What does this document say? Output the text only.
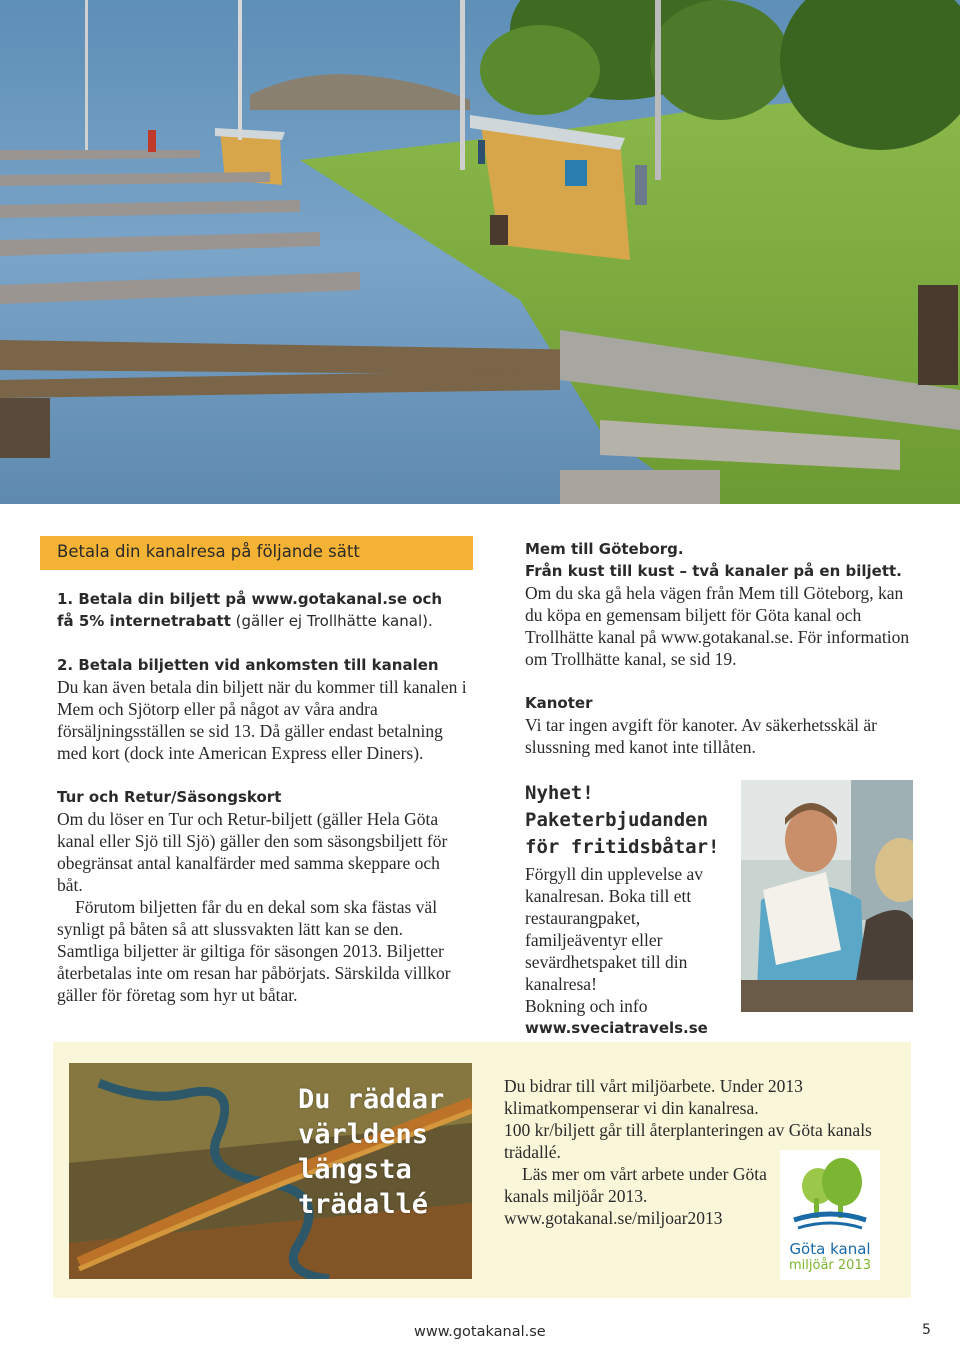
Betala din kanalresa på följande sätt
1. Betala din biljett på www.gotakanal.se och
få 5% internetrabatt (gäller ej Trollhätte kanal).
2. Betala biljetten vid ankomsten till kanalen
Du kan även betala din biljett när du kommer till kanalen i Mem och Sjötorp eller på något av våra andra försäljningsställen se sid 13. Då gäller endast betalning med kort (dock inte American Express eller Diners).
Tur och Retur/Säsongskort
Om du löser en Tur och Retur-biljett (gäller Hela Göta kanal eller Sjö till Sjö) gäller den som säsongsbiljett för obegränsat antal kanalfärder med samma skeppare och båt.
Förutom biljetten får du en dekal som ska fästas väl synligt på båten så att slussvakten lätt kan se den. Samtliga biljetter är giltiga för säsongen 2013. Biljetter återbetalas inte om resan har påbörjats. Särskilda villkor gäller för företag som hyr ut båtar.
Mem till Göteborg.
Från kust till kust – två kanaler på en biljett.
Om du ska gå hela vägen från Mem till Göteborg, kan du köpa en gemensam biljett för Göta kanal och Trollhätte kanal på www.gotakanal.se. För information om Trollhätte kanal, se sid 19.
Kanoter
Vi tar ingen avgift för kanoter. Av säkerhetsskäl är slussning med kanot inte tillåten.
Nyhet!
Paketerbjudanden
för fritidsbåtar!
Förgyll din upplevelse av kanalresan. Boka till ett restaurangpaket, familjeäventyr eller sevärdhetspaket till din kanalresa!
Bokning och info
www.sveciatravels.se
Du räddar världens längsta trädallé
Du bidrar till vårt miljöarbete. Under 2013 klimatkompenserar vi din kanalresa.
100 kr/biljett går till återplanteringen av Göta kanals trädallé.
Läs mer om vårt arbete under Göta kanals miljöår 2013.
www.gotakanal.se/miljoar2013
Göta kanal
miljöår 2013
www.gotakanal.se	5
